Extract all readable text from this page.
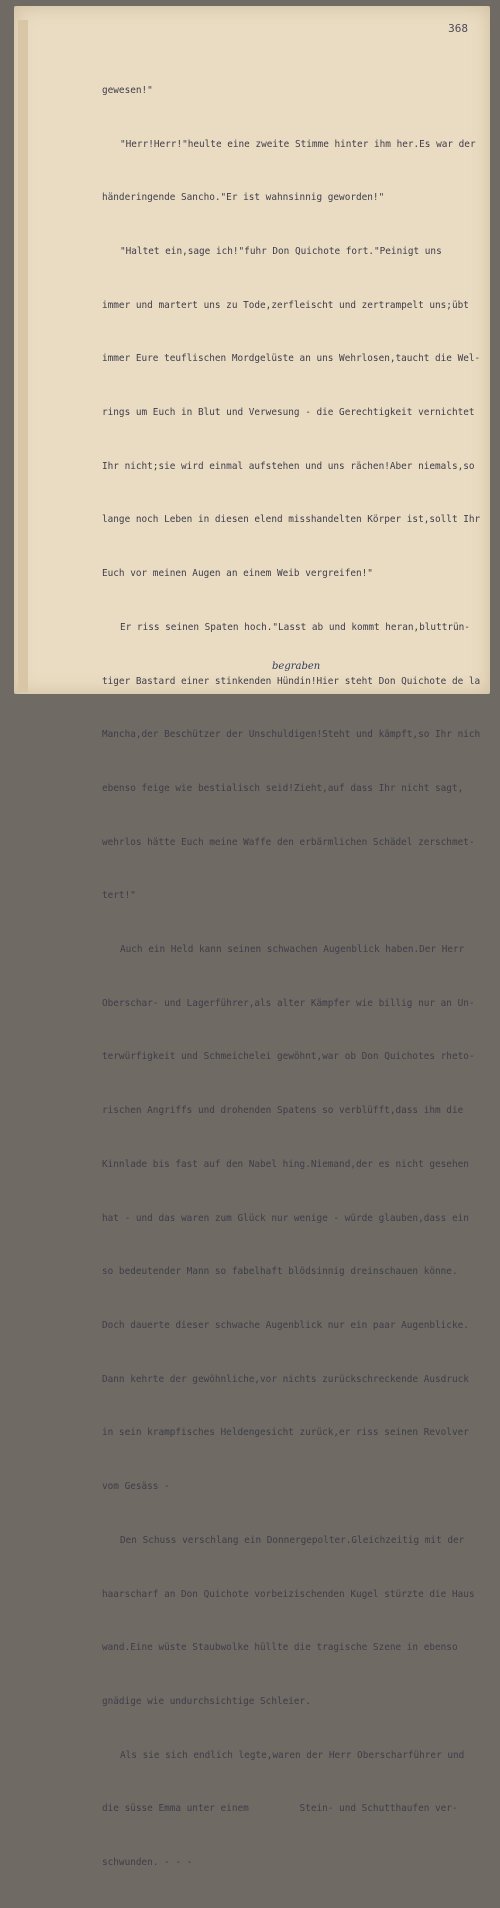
368

gewesen!"

"Herr!Herr!"heulte eine zweite Stimme hinter ihm her.Es war der

händeringende Sancho."Er ist wahnsinnig geworden!"

"Haltet ein,sage ich!"fuhr Don Quichote fort."Peinigt uns

immer und martert uns zu Tode,zerfleischt und zertrampelt uns;übt

immer Eure teuflischen Mordgelüste an uns Wehrlosen,taucht die Wel-

rings um Euch in Blut und Verwesung - die Gerechtigkeit vernichtet

Ihr nicht;sie wird einmal aufstehen und uns rächen!Aber niemals,so

lange noch Leben in diesen elend misshandelten Körper ist,sollt Ihr

Euch vor meinen Augen an einem Weib vergreifen!"

Er riss seinen Spaten hoch."Lasst ab und kommt heran,bluttrün-

tiger Bastard einer stinkenden Hündin!Hier steht Don Quichote de la

Mancha,der Beschützer der Unschuldigen!Steht und kämpft,so Ihr nich

ebenso feige wie bestialisch seid!Zieht,auf dass Ihr nicht sagt,

wehrlos hätte Euch meine Waffe den erbärmlichen Schädel zerschmet-

tert!"

Auch ein Held kann seinen schwachen Augenblick haben.Der Herr

Oberschar- und Lagerführer,als alter Kämpfer wie billig nur an Un-

terwürfigkeit und Schmeichelei gewöhnt,war ob Don Quichotes rheto-

rischen Angriffs und drohenden Spatens so verblüfft,dass ihm die

Kinnlade bis fast auf den Nabel hing.Niemand,der es nicht gesehen

hat - und das waren zum Glück nur wenige - würde glauben,dass ein

so bedeutender Mann so fabelhaft blödsinnig dreinschauen könne.

Doch dauerte dieser schwache Augenblick nur ein paar Augenblicke.

Dann kehrte der gewöhnliche,vor nichts zurückschreckende Ausdruck

in sein krampfisches Heldengesicht zurück,er riss seinen Revolver

vom Gesäss -

Den Schuss verschlang ein Donnergepolter.Gleichzeitig mit der

haarscharf an Don Quichote vorbeizischenden Kugel stürzte die Haus

wand.Eine wüste Staubwolke hüllte die tragische Szene in ebenso

gnädige wie undurchsichtige Schleier.

Als sie sich endlich legte,waren der Herr Oberscharführer und

die süsse Emma unter einem         Stein- und Schutthaufen ver-

schwunden. - - -

begraben
